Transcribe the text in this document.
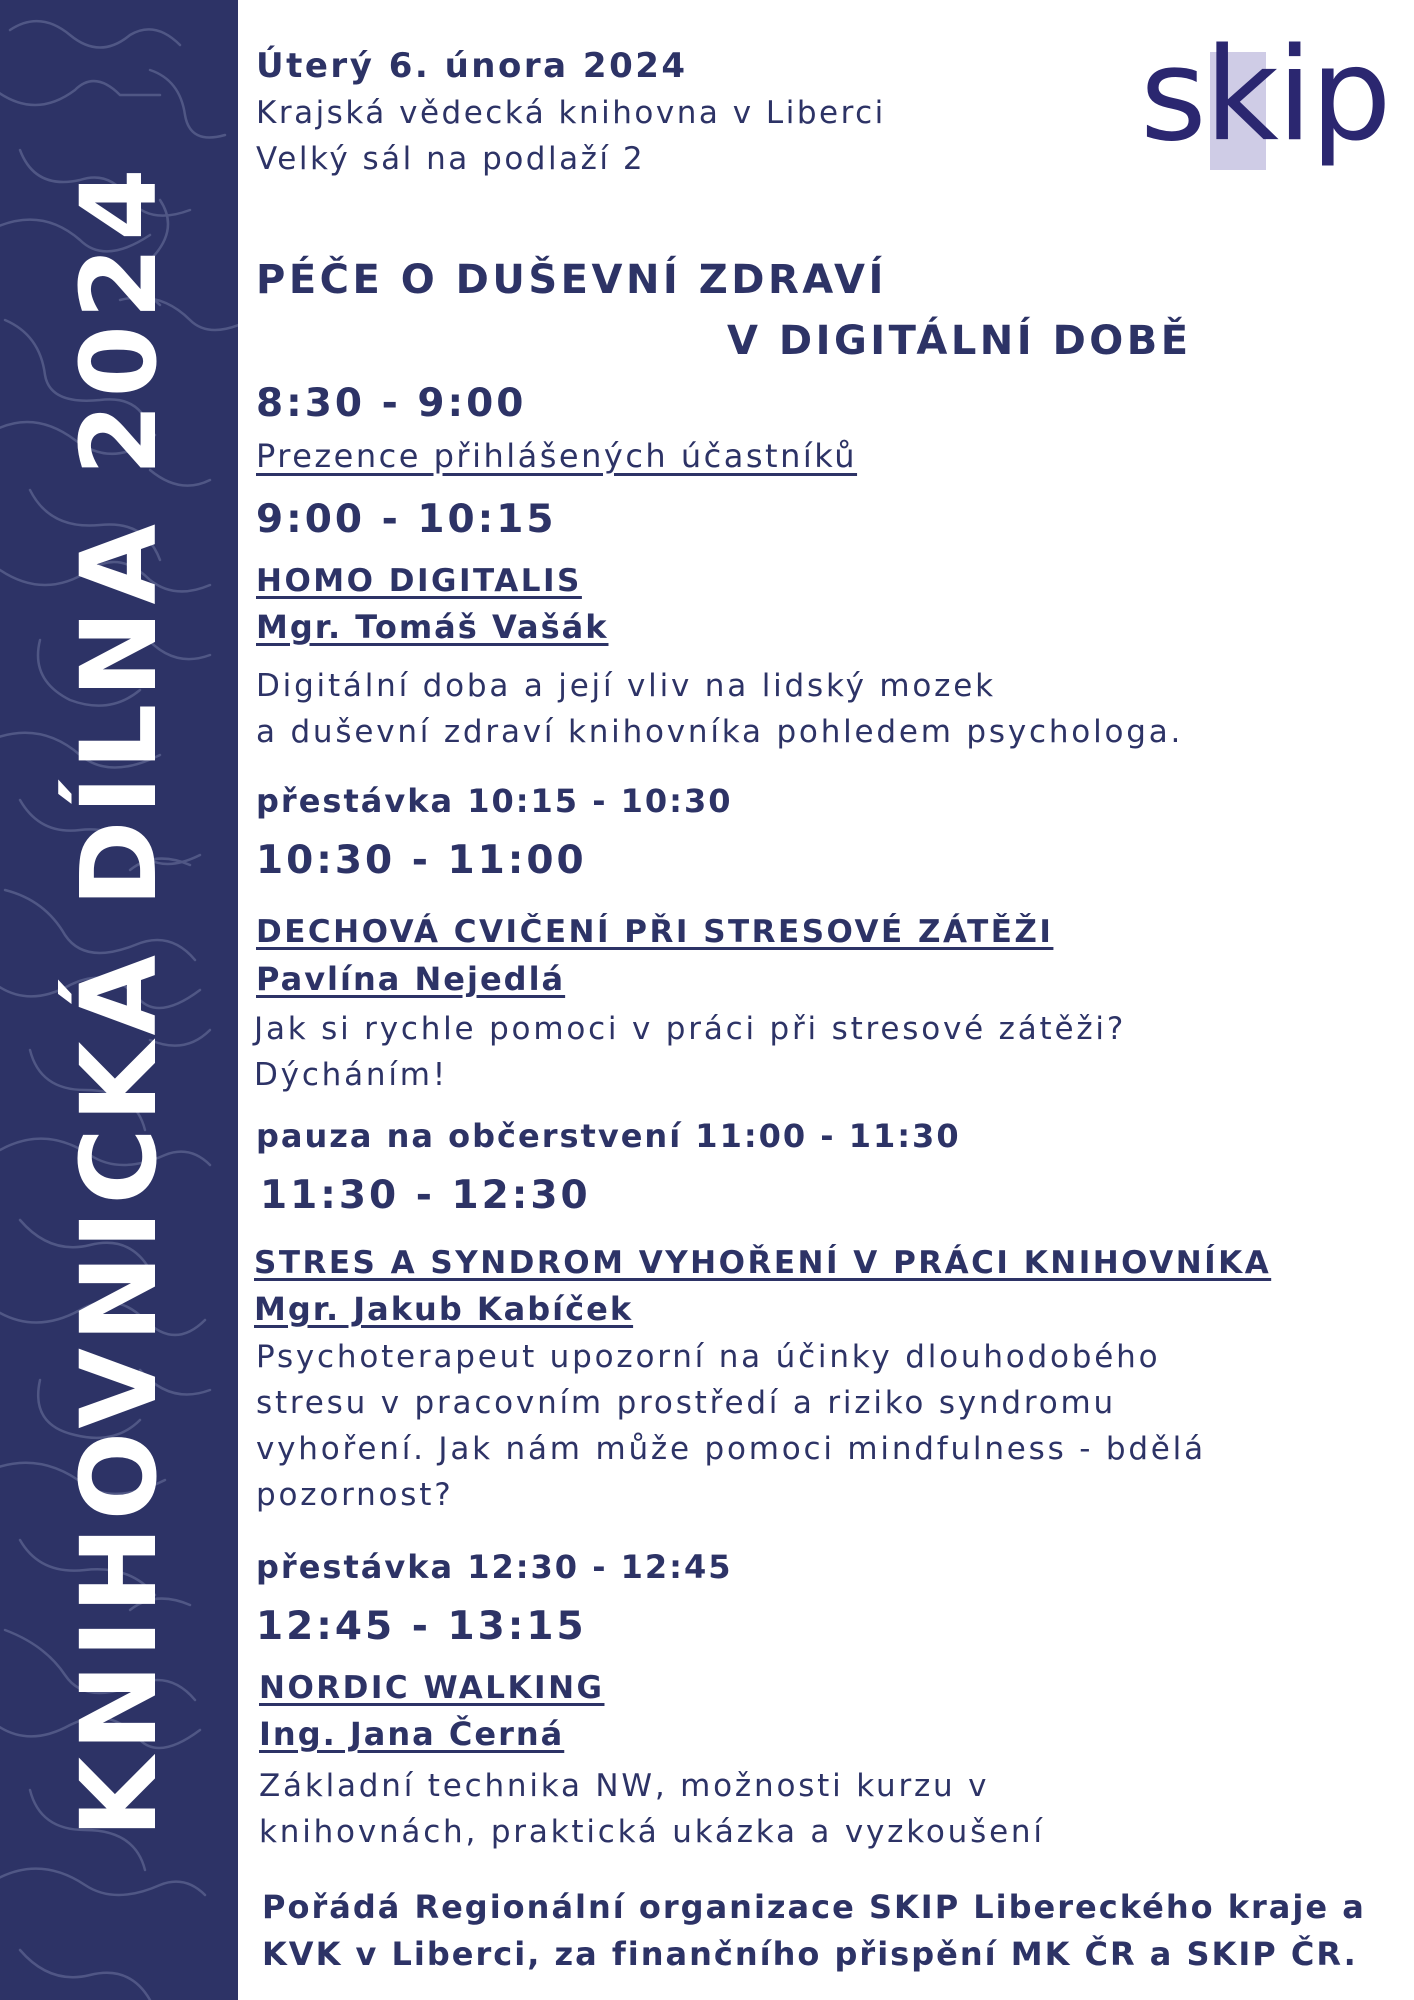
KNIHOVNICKÁ DÍLNA 2024
skip
Úterý 6. února 2024
Krajská vědecká knihovna v Liberci
Velký sál na podlaží 2
PÉČE O DUŠEVNÍ ZDRAVÍ
V DIGITÁLNÍ DOBĚ
8:30 - 9:00
Prezence přihlášených účastníků
9:00 - 10:15
HOMO DIGITALIS
Mgr. Tomáš Vašák
Digitální doba a její vliv na lidský mozek
a duševní zdraví knihovníka pohledem psychologa.
přestávka 10:15 - 10:30
10:30 - 11:00
DECHOVÁ CVIČENÍ PŘI STRESOVÉ ZÁTĚŽI
Pavlína Nejedlá
Jak si rychle pomoci v práci při stresové zátěži?
Dýcháním!
pauza na občerstvení 11:00 - 11:30
11:30 - 12:30
STRES A SYNDROM VYHOŘENÍ V PRÁCI KNIHOVNÍKA
Mgr. Jakub Kabíček
Psychoterapeut upozorní na účinky dlouhodobého
stresu v pracovním prostředí a riziko syndromu
vyhoření. Jak nám může pomoci mindfulness - bdělá
pozornost?
přestávka 12:30 - 12:45
12:45 - 13:15
NORDIC WALKING
Ing. Jana Černá
Základní technika NW, možnosti kurzu v
knihovnách, praktická ukázka a vyzkoušení
Pořádá Regionální organizace SKIP Libereckého kraje a
KVK v Liberci, za finančního přispění MK ČR a SKIP ČR.
